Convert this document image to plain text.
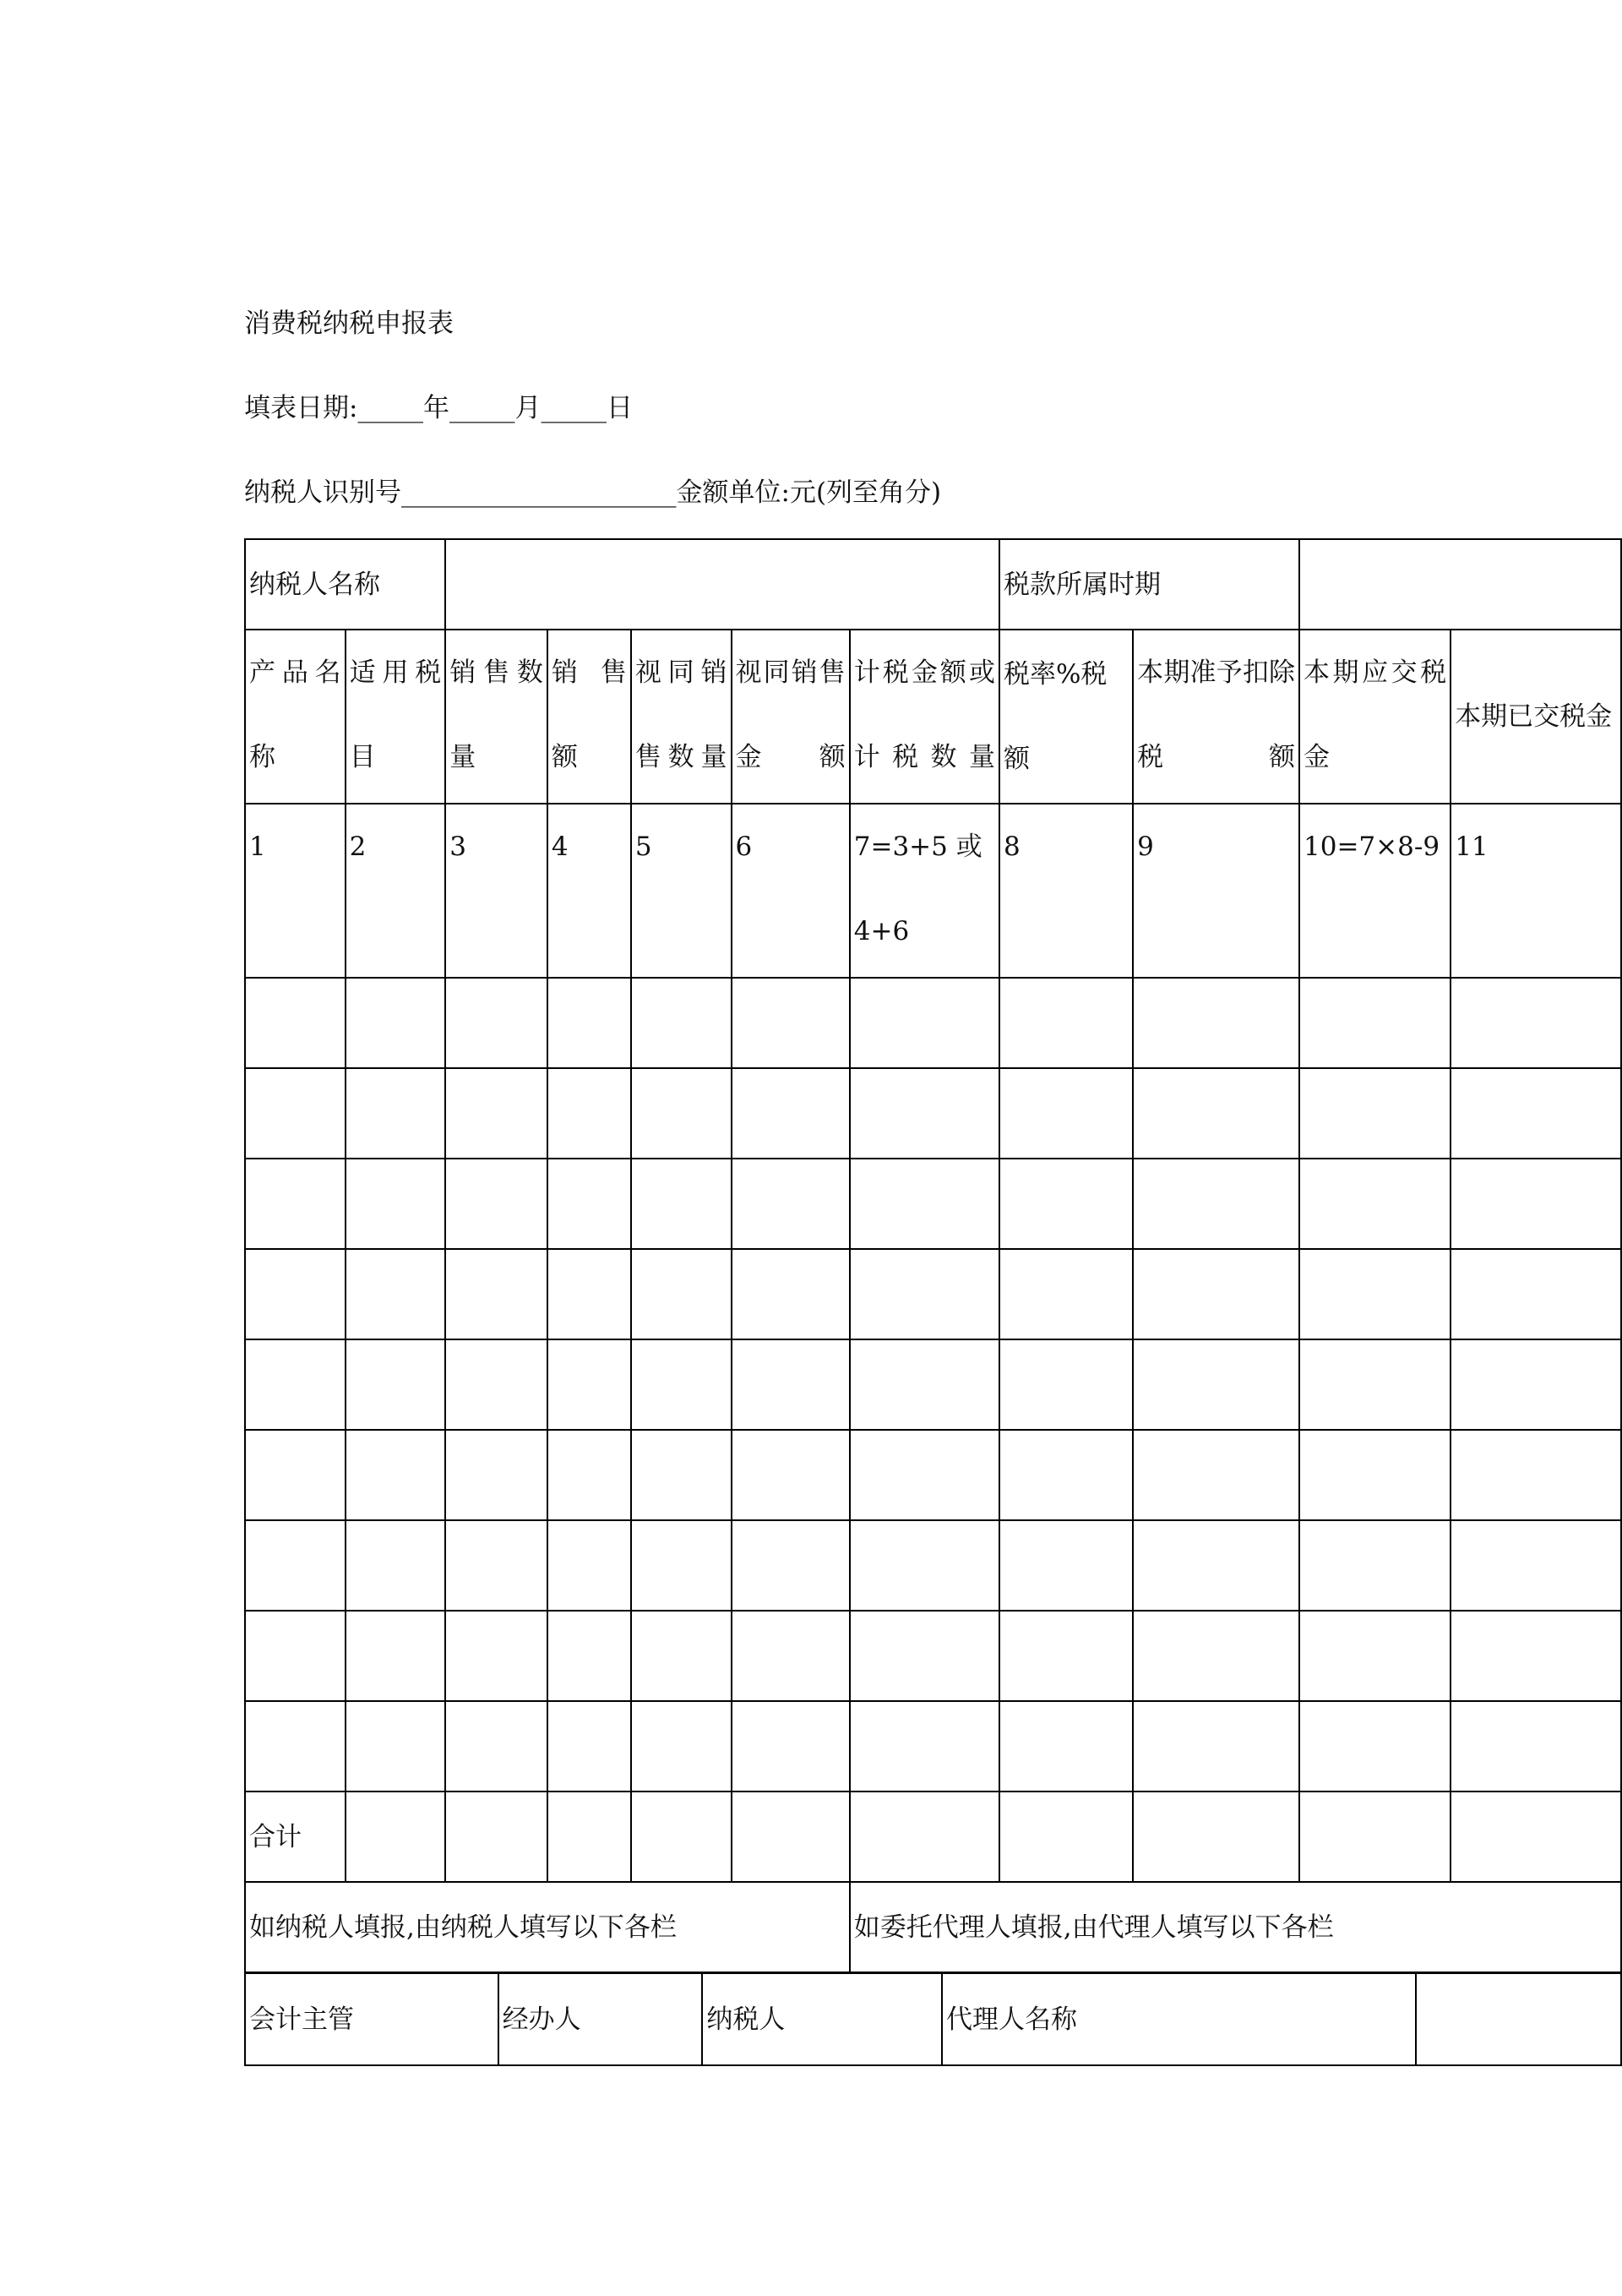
消费税纳税申报表
填表日期:_____年_____月_____日
纳税人识别号_____________________金额单位:元(列至角分)
纳税人名称							税款所属时期			

产品名称	适用税目	销售数量	销 售额	视同销售数量	视同销售金额	计税金额或计税数量	税率%税额	本期准予扣除税额	本期应交税金	本期已交税金
1	2	3	4	5	6	7=3+5 或 4+6	8	9	10=7×8-9	11

合计										
如纳税人填报,由纳税人填写以下各栏						如委托代理人填报,由代理人填写以下各栏				
会计主管	经办人	纳税人	代理人名称	
